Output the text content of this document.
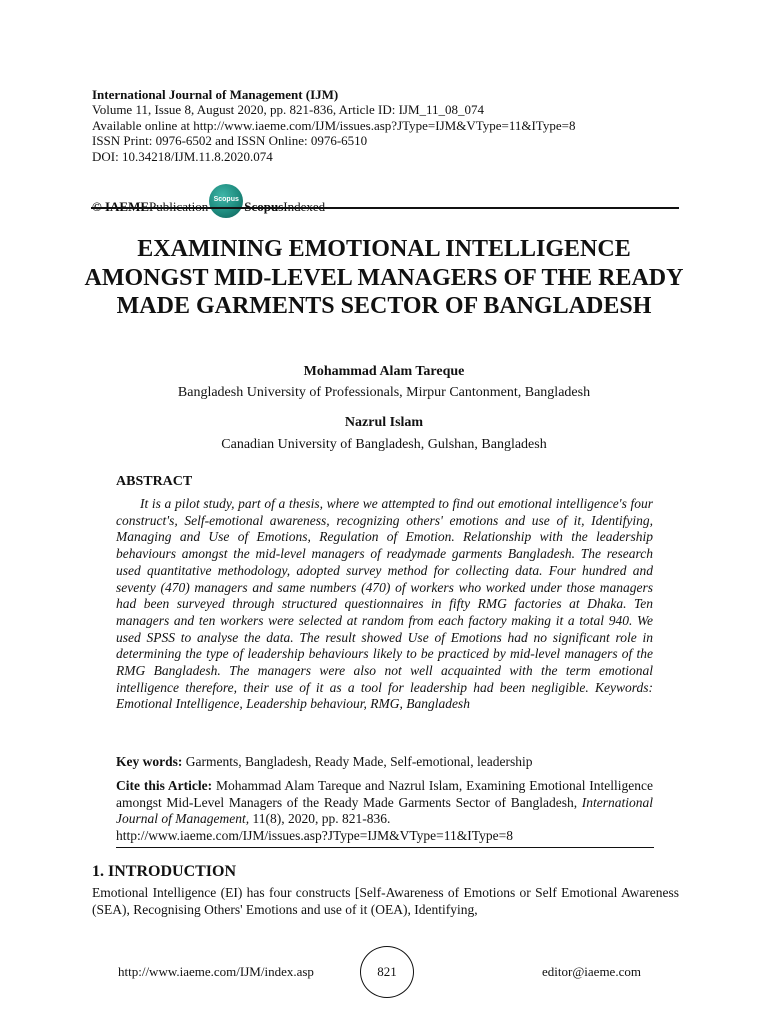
International Journal of Management (IJM)
Volume 11, Issue 8, August 2020, pp. 821-836, Article ID: IJM_11_08_074
Available online at http://www.iaeme.com/IJM/issues.asp?JType=IJM&VType=11&IType=8
ISSN Print: 0976-6502 and ISSN Online: 0976-6510
DOI: 10.34218/IJM.11.8.2020.074
© IAEME Publication Scopus Scopus Indexed
EXAMINING EMOTIONAL INTELLIGENCE AMONGST MID-LEVEL MANAGERS OF THE READY MADE GARMENTS SECTOR OF BANGLADESH
Mohammad Alam Tareque
Bangladesh University of Professionals, Mirpur Cantonment, Bangladesh
Nazrul Islam
Canadian University of Bangladesh, Gulshan, Bangladesh
ABSTRACT
It is a pilot study, part of a thesis, where we attempted to find out emotional intelligence's four construct's, Self-emotional awareness, recognizing others' emotions and use of it, Identifying, Managing and Use of Emotions, Regulation of Emotion. Relationship with the leadership behaviours amongst the mid-level managers of readymade garments Bangladesh. The research used quantitative methodology, adopted survey method for collecting data. Four hundred and seventy (470) managers and same numbers (470) of workers who worked under those managers had been surveyed through structured questionnaires in fifty RMG factories at Dhaka. Ten managers and ten workers were selected at random from each factory making it a total 940. We used SPSS to analyse the data. The result showed Use of Emotions had no significant role in determining the type of leadership behaviours likely to be practiced by mid-level managers of the RMG Bangladesh. The managers were also not well acquainted with the term emotional intelligence therefore, their use of it as a tool for leadership had been negligible. Keywords: Emotional Intelligence, Leadership behaviour, RMG, Bangladesh
Key words: Garments, Bangladesh, Ready Made, Self-emotional, leadership
Cite this Article: Mohammad Alam Tareque and Nazrul Islam, Examining Emotional Intelligence amongst Mid-Level Managers of the Ready Made Garments Sector of Bangladesh, International Journal of Management, 11(8), 2020, pp. 821-836.
http://www.iaeme.com/IJM/issues.asp?JType=IJM&VType=11&IType=8
1. INTRODUCTION
Emotional Intelligence (EI) has four constructs [Self-Awareness of Emotions or Self Emotional Awareness (SEA), Recognising Others' Emotions and use of it (OEA), Identifying,
http://www.iaeme.com/IJM/index.asp	821	editor@iaeme.com
